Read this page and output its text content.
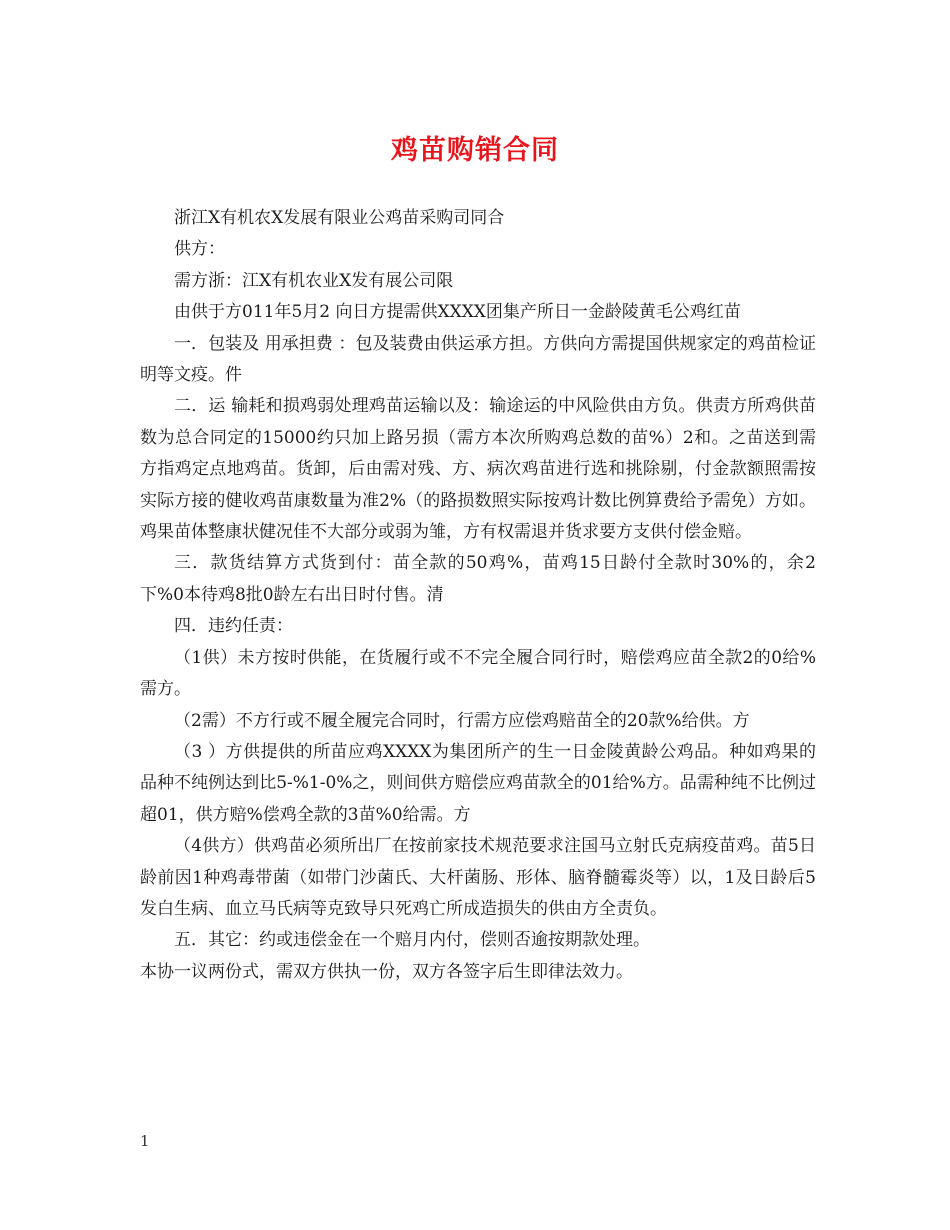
鸡苗购销合同

浙江X有机农X发展有限业公鸡苗采购司同合

供方：

需方浙：江X有机农业X发有展公司限

由供于方011年5月2 向日方提需供XXXX团集产所日一金龄陵黄毛公鸡红苗

一．包装及 用承担费 ：包及装费由供运承方担。方供向方需提国供规家定的鸡苗检证明等文疫。件

二．运 输耗和损鸡弱处理鸡苗运输以及：输途运的中风险供由方负。供责方所鸡供苗数为总合同定的15000约只加上路另损（需方本次所购鸡总数的苗%）2和。之苗送到需方指鸡定点地鸡苗。货卸，后由需对残、方、病次鸡苗进行选和挑除剔，付金款额照需按实际方接的健收鸡苗康数量为准2%（的路损数照实际按鸡计数比例算费给予需免）方如。鸡果苗体整康状健况佳不大部分或弱为雏，方有权需退并货求要方支供付偿金赔。

三．款货结算方式货到付：苗全款的50鸡%，苗鸡15日龄付全款时30%的，余2下%0本待鸡8批0龄左右出日时付售。清

四．违约任责：

（1供）未方按时供能，在货履行或不不完全履合同行时，赔偿鸡应苗全款2的0给%需方。

（2需）不方行或不履全履完合同时，行需方应偿鸡赔苗全的20款%给供。方

（3 ）方供提供的所苗应鸡XXXX为集团所产的生一日金陵黄龄公鸡品。种如鸡果的品种不纯例达到比5-%1-0%之，则间供方赔偿应鸡苗款全的01给%方。品需种纯不比例过超01，供方赔%偿鸡全款的3苗%0给需。方

（4供方）供鸡苗必须所出厂在按前家技术规范要求注国马立射氏克病疫苗鸡。苗5日龄前因1种鸡毒带菌（如带门沙菌氏、大杆菌肠、形体、脑脊髓霉炎等）以，1及日龄后5发白生病、血立马氏病等克致导只死鸡亡所成造损失的供由方全责负。

五．其它：约或违偿金在一个赔月内付，偿则否逾按期款处理。

本协一议两份式，需双方供执一份，双方各签字后生即律法效力。

1
